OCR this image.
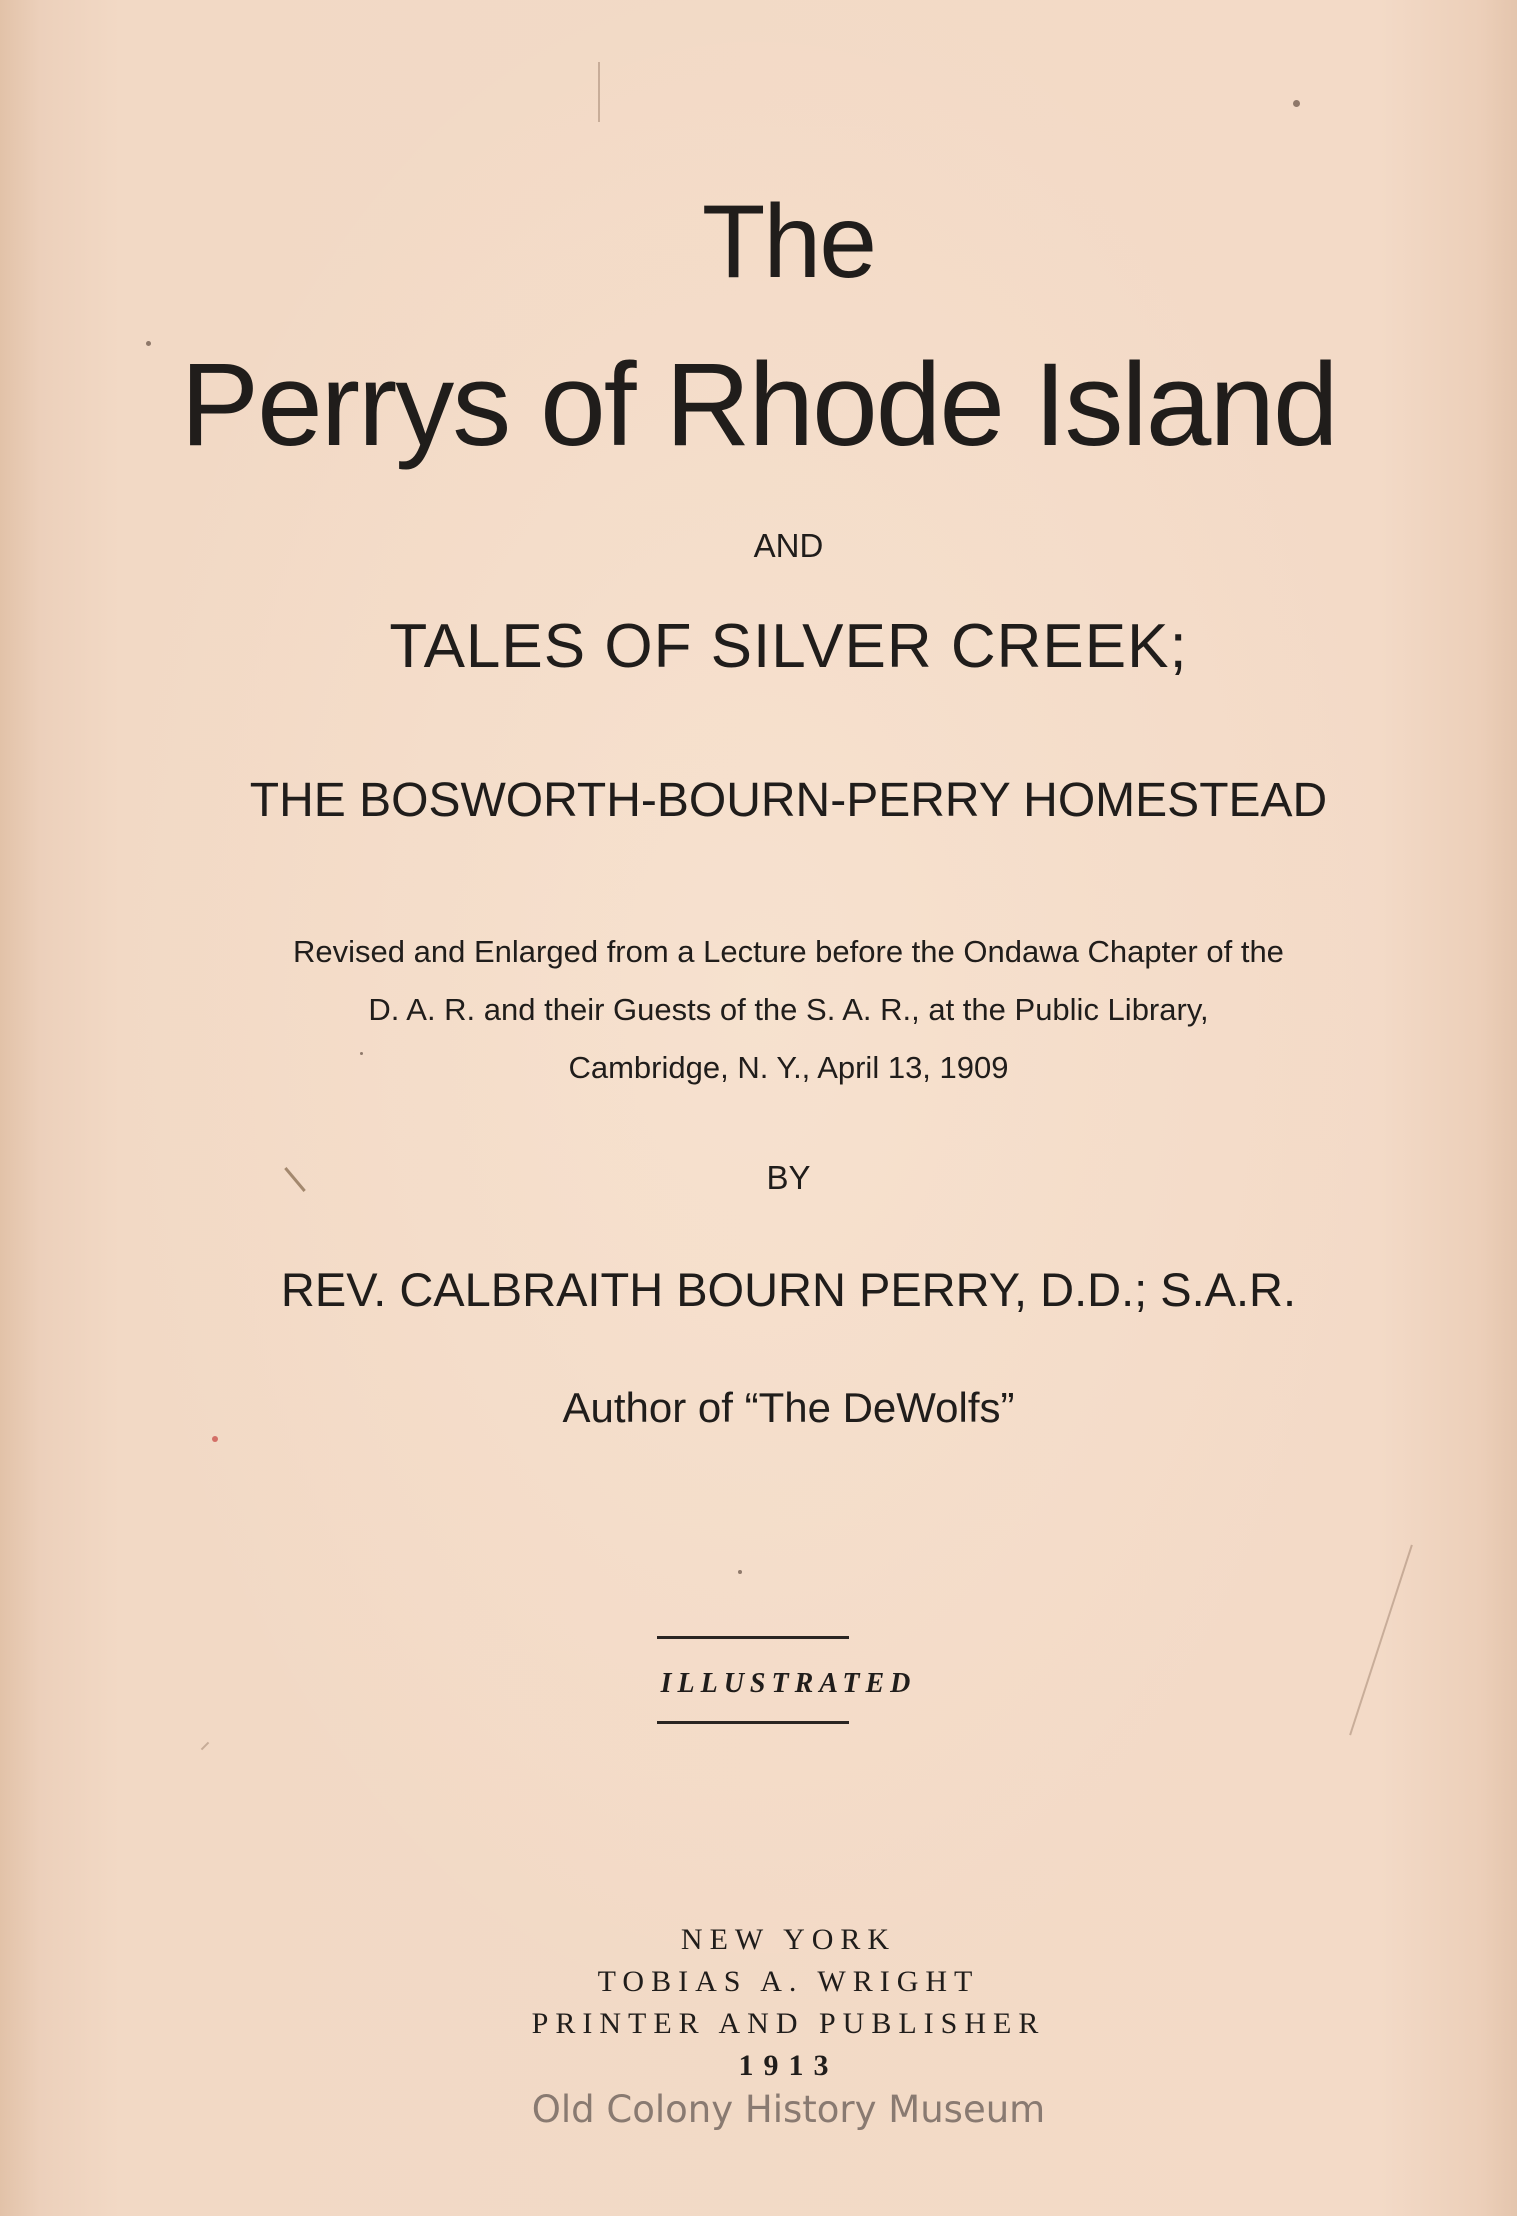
The
Perrys of Rhode Island
AND
TALES OF SILVER CREEK;
THE BOSWORTH-BOURN-PERRY HOMESTEAD
Revised and Enlarged from a Lecture before the Ondawa Chapter of the
D. A. R. and their Guests of the S. A. R., at the Public Library,
Cambridge, N. Y., April 13, 1909
BY
REV. CALBRAITH BOURN PERRY, D.D.; S.A.R.
Author of “The DeWolfs”
ILLUSTRATED
NEW YORK
TOBIAS A. WRIGHT
PRINTER AND PUBLISHER
1913
Old Colony History Museum
